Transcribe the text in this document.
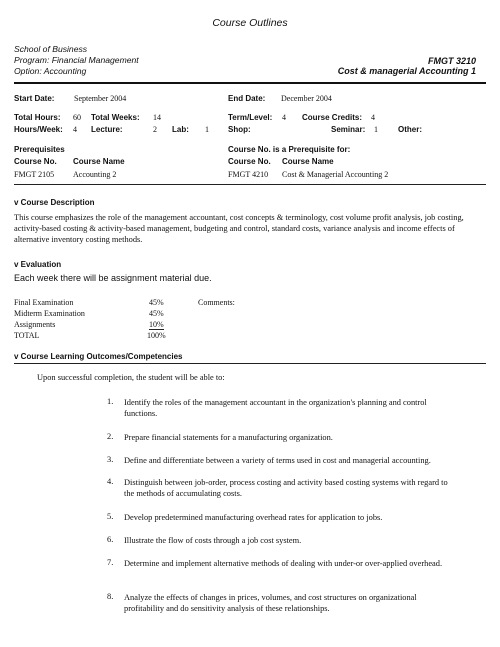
Course Outlines
School of Business
Program: Financial Management
Option: Accounting
FMGT 3210
Cost & managerial Accounting 1
Start Date: September 2004	End Date: December 2004
Total Hours: 60 Total Weeks: 14	Term/Level: 4 Course Credits: 4
Hours/Week: 4 Lecture:	2 Lab: 1 Shop:	Seminar: 1	Other:
Prerequisites
Course No. Course Name
FMGT 2105 Accounting 2
Course No. is a Prerequisite for:
Course No. Course Name
FMGT 4210 Cost & Managerial Accounting 2
v Course Description
This course emphasizes the role of the management accountant, cost concepts & terminology, cost volume profit analysis, job costing, activity-based costing & activity-based management, budgeting and control, standard costs, variance analysis and income effects of alternative inventory costing methods.
v Evaluation
Each week there will be assignment material due.
Final Examination	45%
Midterm Examination	45%
Assignments	10%
TOTAL	100%
Comments:
v Course Learning Outcomes/Competencies
Upon successful completion, the student will be able to:
1. Identify the roles of the management accountant in the organization's planning and control functions.
2. Prepare financial statements for a manufacturing organization.
3. Define and differentiate between a variety of terms used in cost and managerial accounting.
4. Distinguish between job-order, process costing and activity based costing systems with regard to the methods of accumulating costs.
5. Develop predetermined manufacturing overhead rates for application to jobs.
6. Illustrate the flow of costs through a job cost system.
7. Determine and implement alternative methods of dealing with under-or over-applied overhead.
8. Analyze the effects of changes in prices, volumes, and cost structures on organizational profitability and do sensitivity analysis of these relationships.
